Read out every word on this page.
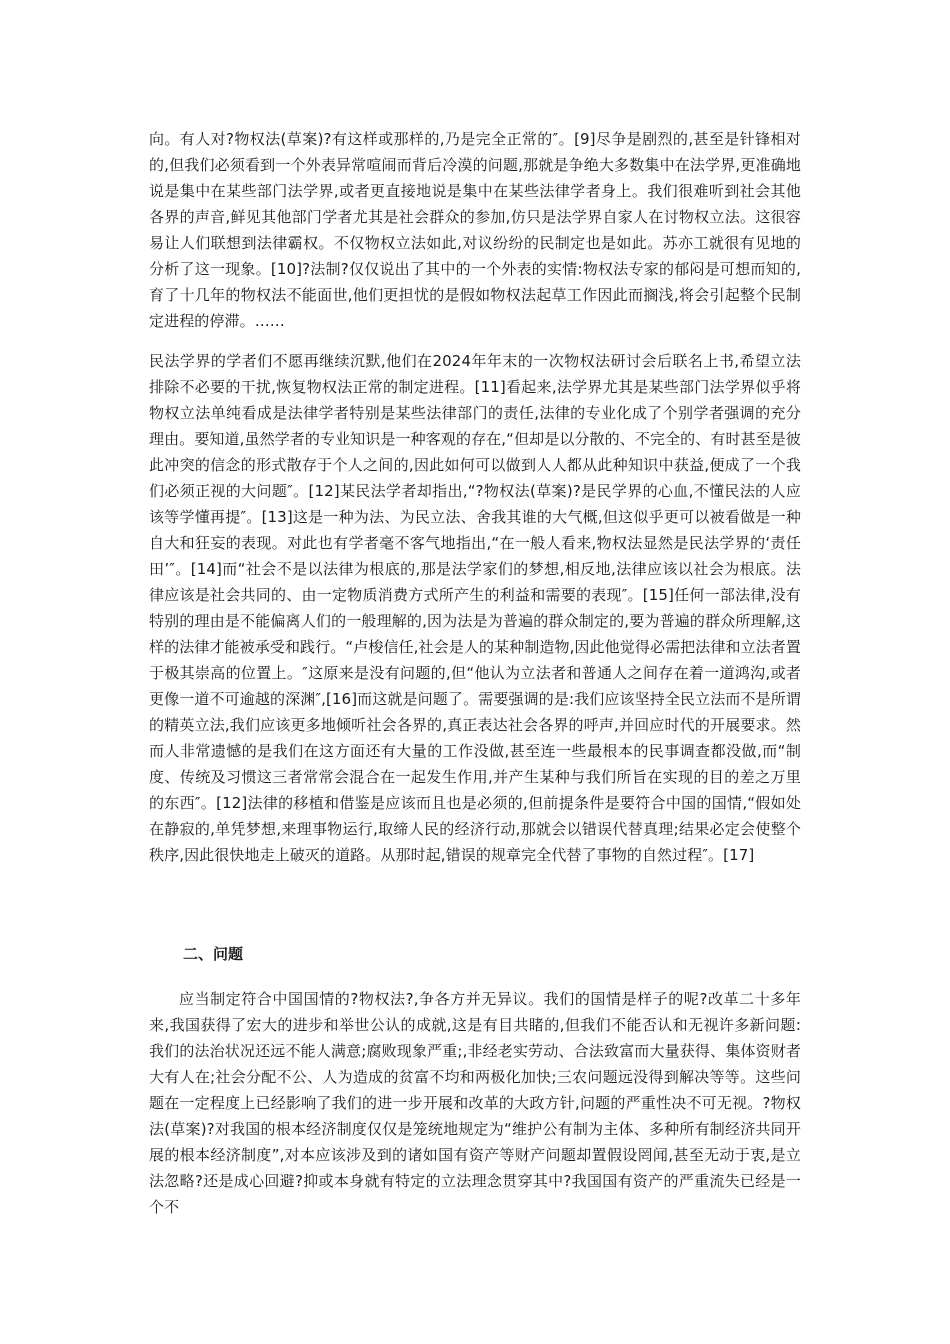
向。有人对?物权法(草案)?有这样或那样的,乃是完全正常的″。[9]尽争是剧烈的,甚至是针锋相对的,但我们必须看到一个外表异常喧闹而背后冷漠的问题,那就是争绝大多数集中在法学界,更准确地说是集中在某些部门法学界,或者更直接地说是集中在某些法律学者身上。我们很难听到社会其他各界的声音,鲜见其他部门学者尤其是社会群众的参加,仿只是法学界自家人在讨物权立法。这很容易让人们联想到法律霸权。不仅物权立法如此,对议纷纷的民制定也是如此。苏亦工就很有见地的分析了这一现象。[10]?法制?仅仅说出了其中的一个外表的实情:物权法专家的郁闷是可想而知的,育了十几年的物权法不能面世,他们更担忧的是假如物权法起草工作因此而搁浅,将会引起整个民制定进程的停滞。……

民法学界的学者们不愿再继续沉默,他们在2024年年末的一次物权法研讨会后联名上书,希望立法排除不必要的干扰,恢复物权法正常的制定进程。[11]看起来,法学界尤其是某些部门法学界似乎将物权立法单纯看成是法律学者特别是某些法律部门的责任,法律的专业化成了个别学者强调的充分理由。要知道,虽然学者的专业知识是一种客观的存在,“但却是以分散的、不完全的、有时甚至是彼此冲突的信念的形式散存于个人之间的,因此如何可以做到人人都从此种知识中获益,便成了一个我们必须正视的大问题″。[12]某民法学者却指出,“?物权法(草案)?是民学界的心血,不懂民法的人应该等学懂再提″。[13]这是一种为法、为民立法、舍我其谁的大气概,但这似乎更可以被看做是一种自大和狂妄的表现。对此也有学者毫不客气地指出,“在一般人看来,物权法显然是民法学界的‘责任田’″。[14]而“社会不是以法律为根底的,那是法学家们的梦想,相反地,法律应该以社会为根底。法律应该是社会共同的、由一定物质消费方式所产生的利益和需要的表现″。[15]任何一部法律,没有特别的理由是不能偏离人们的一般理解的,因为法是为普遍的群众制定的,要为普遍的群众所理解,这样的法律才能被承受和践行。“卢梭信任,社会是人的某种制造物,因此他觉得必需把法律和立法者置于极其崇高的位置上。″这原来是没有问题的,但“他认为立法者和普通人之间存在着一道鸿沟,或者更像一道不可逾越的深渊″,[16]而这就是问题了。需要强调的是:我们应该坚持全民立法而不是所谓的精英立法,我们应该更多地倾听社会各界的,真正表达社会各界的呼声,并回应时代的开展要求。然而人非常遗憾的是我们在这方面还有大量的工作没做,甚至连一些最根本的民事调查都没做,而“制度、传统及习惯这三者常常会混合在一起发生作用,并产生某种与我们所旨在实现的目的差之万里的东西″。[12]法律的移植和借鉴是应该而且也是必须的,但前提条件是要符合中国的国情,“假如处在静寂的,单凭梦想,来理事物运行,取缔人民的经济行动,那就会以错误代替真理;结果必定会使整个秩序,因此很快地走上破灭的道路。从那时起,错误的规章完全代替了事物的自然过程″。[17]

二、问题

应当制定符合中国国情的?物权法?,争各方并无异议。我们的国情是样子的呢?改革二十多年来,我国获得了宏大的进步和举世公认的成就,这是有目共睹的,但我们不能否认和无视许多新问题:我们的法治状况还远不能人满意;腐败现象严重;,非经老实劳动、合法致富而大量获得、集体资财者大有人在;社会分配不公、人为造成的贫富不均和两极化加快;三农问题远没得到解决等等。这些问题在一定程度上已经影响了我们的进一步开展和改革的大政方针,问题的严重性决不可无视。?物权法(草案)?对我国的根本经济制度仅仅是笼统地规定为“维护公有制为主体、多种所有制经济共同开展的根本经济制度”,对本应该涉及到的诸如国有资产等财产问题却置假设罔闻,甚至无动于衷,是立法忽略?还是成心回避?抑或本身就有特定的立法理念贯穿其中?我国国有资产的严重流失已经是一个不
